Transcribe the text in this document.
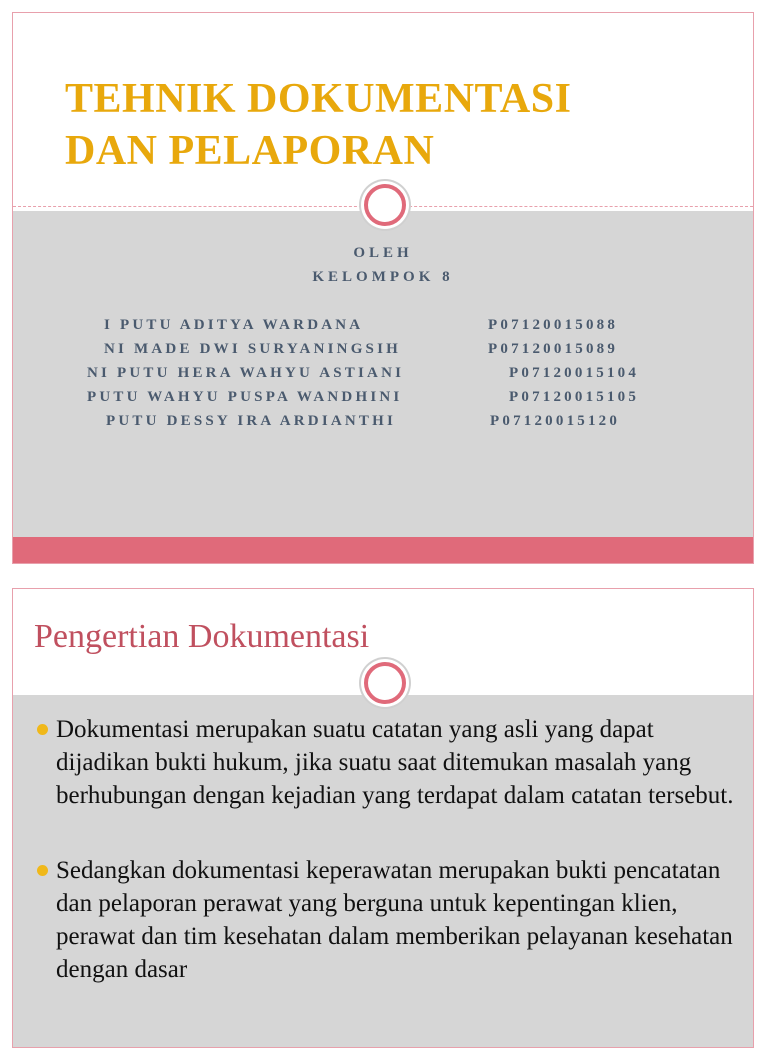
TEHNIK DOKUMENTASI
DAN PELAPORAN
OLEH
KELOMPOK 8
I PUTU ADITYA WARDANA	P07120015088
NI MADE DWI SURYANINGSIH	P07120015089
NI PUTU HERA WAHYU ASTIANI	P07120015104
PUTU WAHYU PUSPA WANDHINI	P07120015105
PUTU DESSY IRA ARDIANTHI	P07120015120
Pengertian Dokumentasi
Dokumentasi merupakan suatu catatan yang asli yang dapat dijadikan bukti hukum, jika suatu saat ditemukan masalah yang berhubungan dengan kejadian yang terdapat dalam catatan tersebut.
Sedangkan dokumentasi keperawatan merupakan bukti pencatatan dan pelaporan perawat yang berguna untuk kepentingan klien, perawat dan tim kesehatan dalam memberikan pelayanan kesehatan dengan dasar
